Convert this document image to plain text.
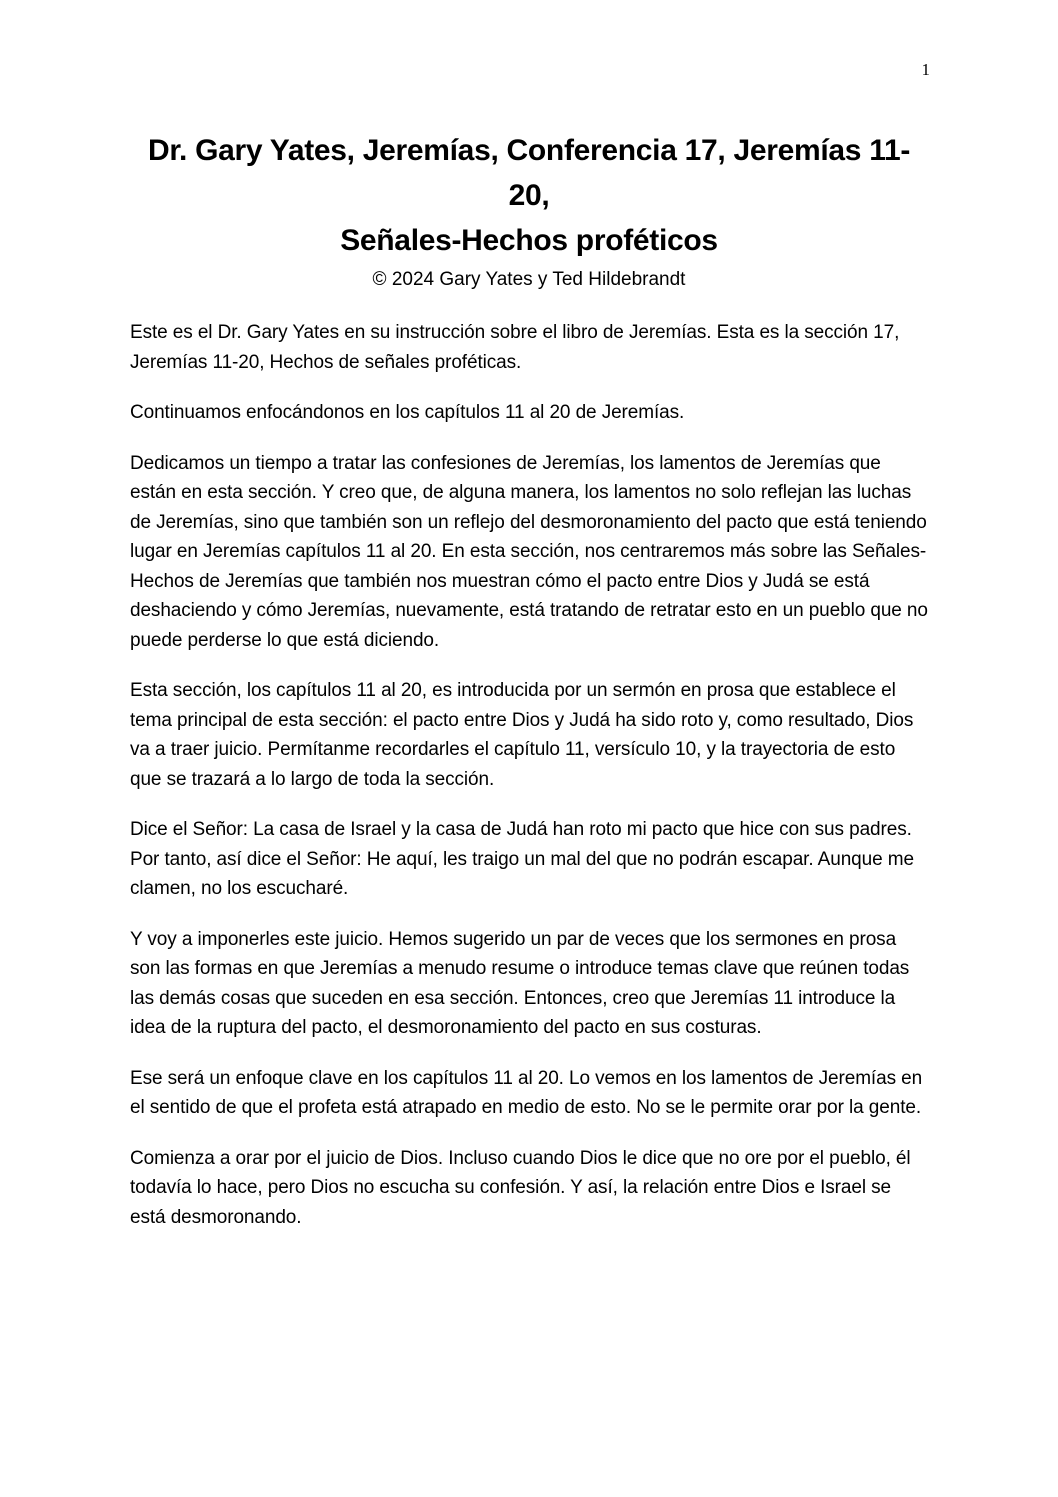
1
Dr. Gary Yates, Jeremías, Conferencia 17, Jeremías 11-
20,
Señales-Hechos proféticos
© 2024 Gary Yates y Ted Hildebrandt

Este es el Dr. Gary Yates en su instrucción sobre el libro de Jeremías. Esta es la sección 17, Jeremías 11-20, Hechos de señales proféticas.

Continuamos enfocándonos en los capítulos 11 al 20 de Jeremías.

Dedicamos un tiempo a tratar las confesiones de Jeremías, los lamentos de Jeremías que están en esta sección. Y creo que, de alguna manera, los lamentos no solo reflejan las luchas de Jeremías, sino que también son un reflejo del desmoronamiento del pacto que está teniendo lugar en Jeremías capítulos 11 al 20. En esta sección, nos centraremos más sobre las Señales-Hechos de Jeremías que también nos muestran cómo el pacto entre Dios y Judá se está deshaciendo y cómo Jeremías, nuevamente, está tratando de retratar esto en un pueblo que no puede perderse lo que está diciendo.

Esta sección, los capítulos 11 al 20, es introducida por un sermón en prosa que establece el tema principal de esta sección: el pacto entre Dios y Judá ha sido roto y, como resultado, Dios va a traer juicio. Permítanme recordarles el capítulo 11, versículo 10, y la trayectoria de esto que se trazará a lo largo de toda la sección.

Dice el Señor: La casa de Israel y la casa de Judá han roto mi pacto que hice con sus padres. Por tanto, así dice el Señor: He aquí, les traigo un mal del que no podrán escapar. Aunque me clamen, no los escucharé.

Y voy a imponerles este juicio. Hemos sugerido un par de veces que los sermones en prosa son las formas en que Jeremías a menudo resume o introduce temas clave que reúnen todas las demás cosas que suceden en esa sección. Entonces, creo que Jeremías 11 introduce la idea de la ruptura del pacto, el desmoronamiento del pacto en sus costuras.

Ese será un enfoque clave en los capítulos 11 al 20. Lo vemos en los lamentos de Jeremías en el sentido de que el profeta está atrapado en medio de esto. No se le permite orar por la gente.

Comienza a orar por el juicio de Dios. Incluso cuando Dios le dice que no ore por el pueblo, él todavía lo hace, pero Dios no escucha su confesión. Y así, la relación entre Dios e Israel se está desmoronando.
